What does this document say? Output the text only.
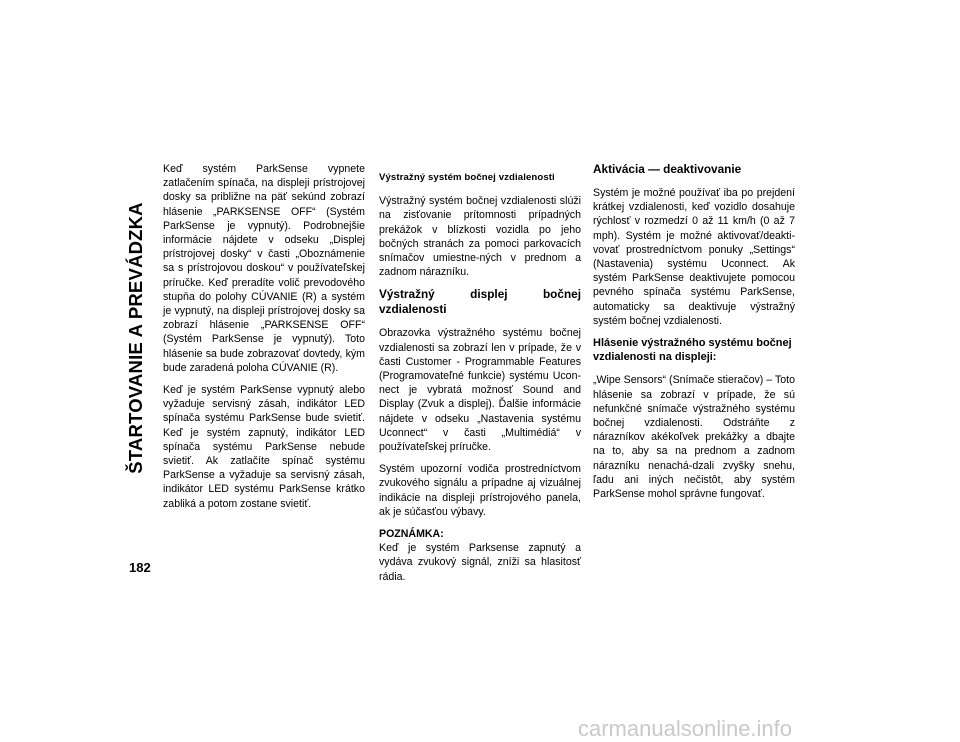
ŠTARTOVANIE A PREVÁDZKA

Keď systém ParkSense vypnete zatlačením spínača, na displeji prístrojovej dosky sa približne na päť sekúnd zobrazí hlásenie „PARKSENSE OFF“ (Systém ParkSense je vypnutý). Podrobnejšie informácie nájdete v odseku „Displej prístrojovej dosky“ v časti „Oboznámenie sa s prístrojovou doskou“ v používateľskej príručke. Keď preradíte volič prevodového stupňa do polohy CÚVANIE (R) a systém je vypnutý, na displeji prístrojovej dosky sa zobrazí hlásenie „PARKSENSE OFF“ (Systém ParkSense je vypnutý). Toto hlásenie sa bude zobrazovať dovtedy, kým bude zaradená poloha CÚVANIE (R).

Keď je systém ParkSense vypnutý alebo vyžaduje servisný zásah, indikátor LED spínača systému ParkSense bude svietiť. Keď je systém zapnutý, indikátor LED spínača systému ParkSense nebude svietiť. Ak zatlačíte spínač systému ParkSense a vyžaduje sa servisný zásah, indikátor LED systému ParkSense krátko zabliká a potom zostane svietiť.

Výstražný systém bočnej vzdialenosti

Výstražný systém bočnej vzdialenosti slúži na zisťovanie prítomnosti prípadných prekážok v blízkosti vozidla po jeho bočných stranách za pomoci parkovacích snímačov umiestne-ných v prednom a zadnom nárazníku.

Výstražný displej bočnej vzdialenosti

Obrazovka výstražného systému bočnej vzdialenosti sa zobrazí len v prípade, že v časti Customer - Programmable Features (Programovateľné funkcie) systému Ucon-nect je vybratá možnosť Sound and Display (Zvuk a displej). Ďalšie informácie nájdete v odseku „Nastavenia systému Uconnect“ v časti „Multimédiá“ v používateľskej príručke.

Systém upozorní vodiča prostredníctvom zvukového signálu a prípadne aj vizuálnej indikácie na displeji prístrojového panela, ak je súčasťou výbavy.

POZNÁMKA:
Keď je systém Parksense zapnutý a vydáva zvukový signál, zníži sa hlasitosť rádia.

Aktivácia — deaktivovanie

Systém je možné používať iba po prejdení krátkej vzdialenosti, keď vozidlo dosahuje rýchlosť v rozmedzí 0 až 11 km/h (0 až 7 mph). Systém je možné aktivovať/deakti-vovať prostredníctvom ponuky „Settings“ (Nastavenia) systému Uconnect. Ak systém ParkSense deaktivujete pomocou pevného spínača systému ParkSense, automaticky sa deaktivuje výstražný systém bočnej vzdialenosti.

Hlásenie výstražného systému bočnej vzdialenosti na displeji:

„Wipe Sensors“ (Snímače stieračov) – Toto hlásenie sa zobrazí v prípade, že sú nefunkčné snímače výstražného systému bočnej vzdialenosti. Odstráňte z nárazníkov akékoľvek prekážky a dbajte na to, aby sa na prednom a zadnom nárazníku nenachá-dzali zvyšky snehu, ľadu ani iných nečistôt, aby systém ParkSense mohol správne fungovať.

182
carmanualsonline.info
